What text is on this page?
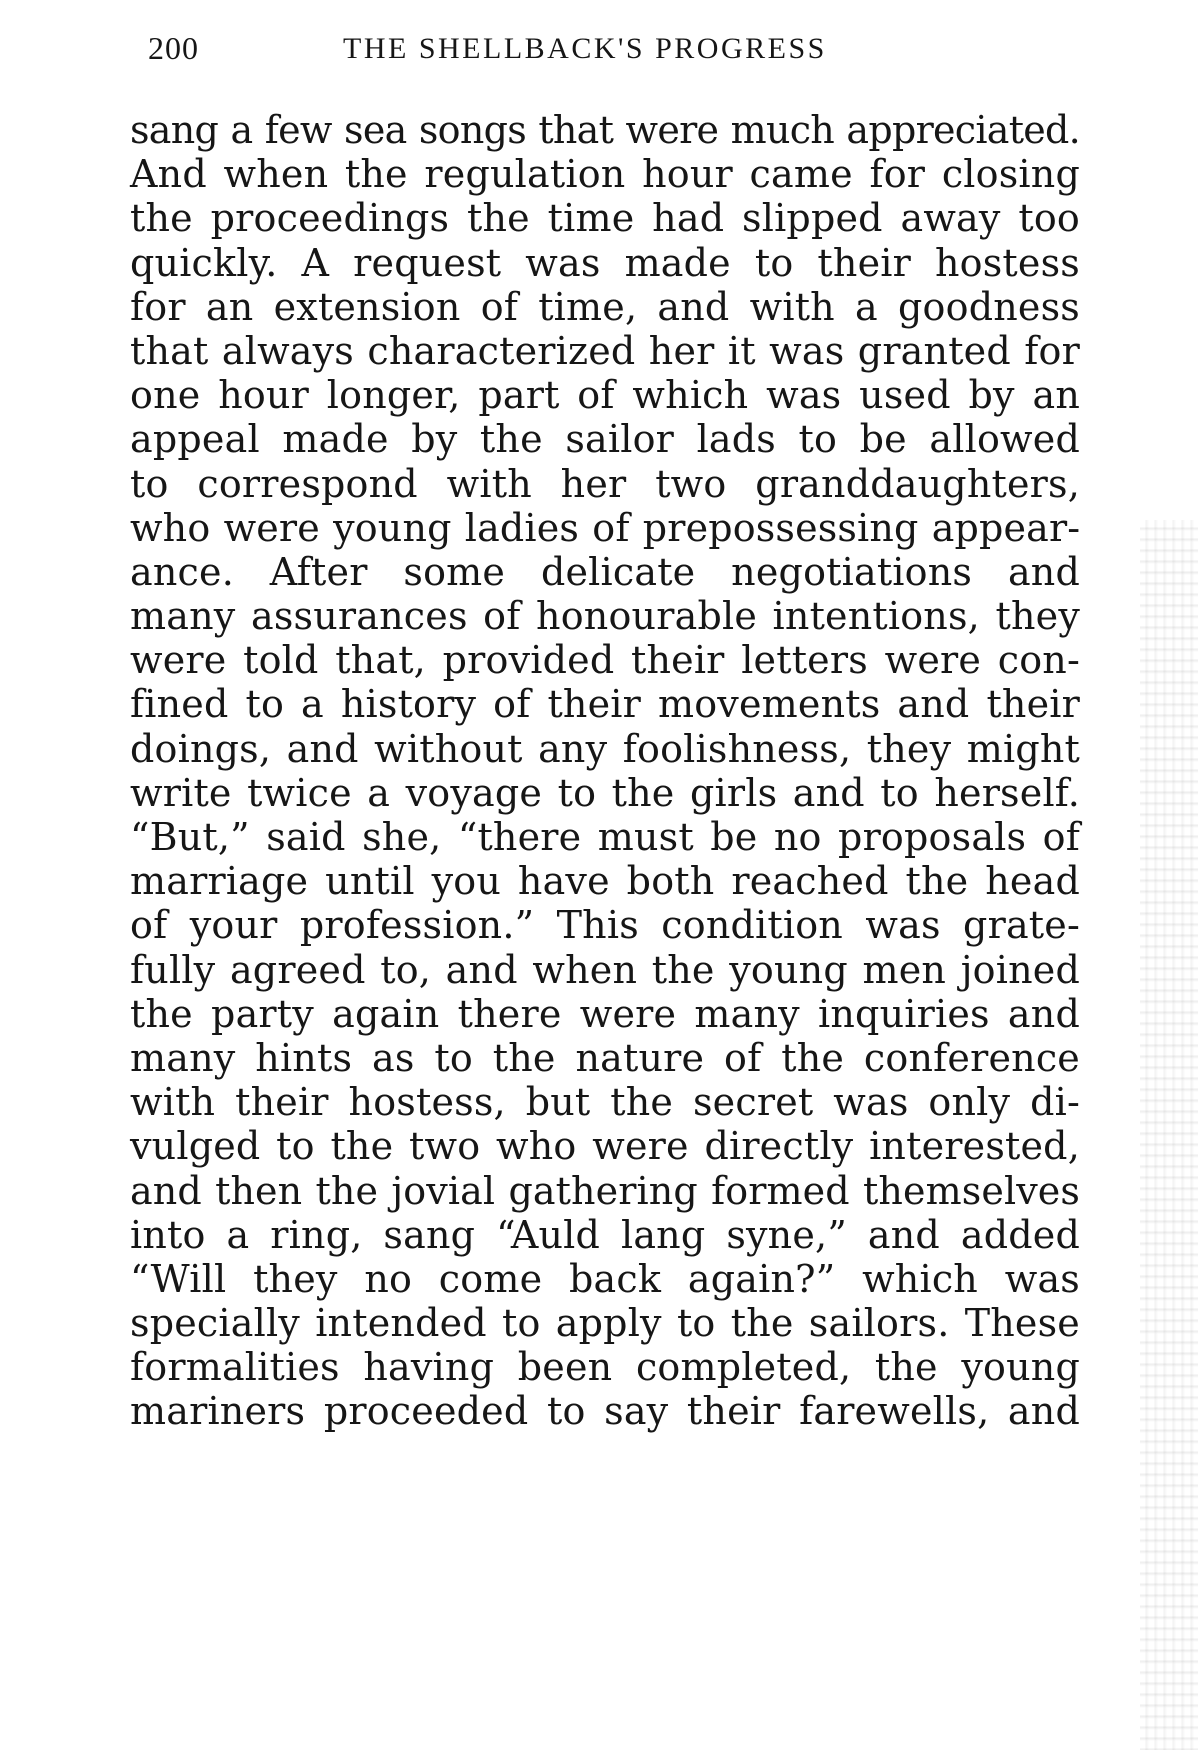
200	THE SHELLBACK'S PROGRESS
sang a few sea songs that were much appreciated.
And when the regulation hour came for closing
the proceedings the time had slipped away too
quickly. A request was made to their hostess
for an extension of time, and with a goodness
that always characterized her it was granted for
one hour longer, part of which was used by an
appeal made by the sailor lads to be allowed
to correspond with her two granddaughters,
who were young ladies of prepossessing appear-
ance. After some delicate negotiations and
many assurances of honourable intentions, they
were told that, provided their letters were con-
fined to a history of their movements and their
doings, and without any foolishness, they might
write twice a voyage to the girls and to herself.
“But,” said she, “there must be no proposals of
marriage until you have both reached the head
of your profession.” This condition was grate-
fully agreed to, and when the young men joined
the party again there were many inquiries and
many hints as to the nature of the conference
with their hostess, but the secret was only di-
vulged to the two who were directly interested,
and then the jovial gathering formed themselves
into a ring, sang “Auld lang syne,” and added
“Will they no come back again?” which was
specially intended to apply to the sailors. These
formalities having been completed, the young
mariners proceeded to say their farewells, and
